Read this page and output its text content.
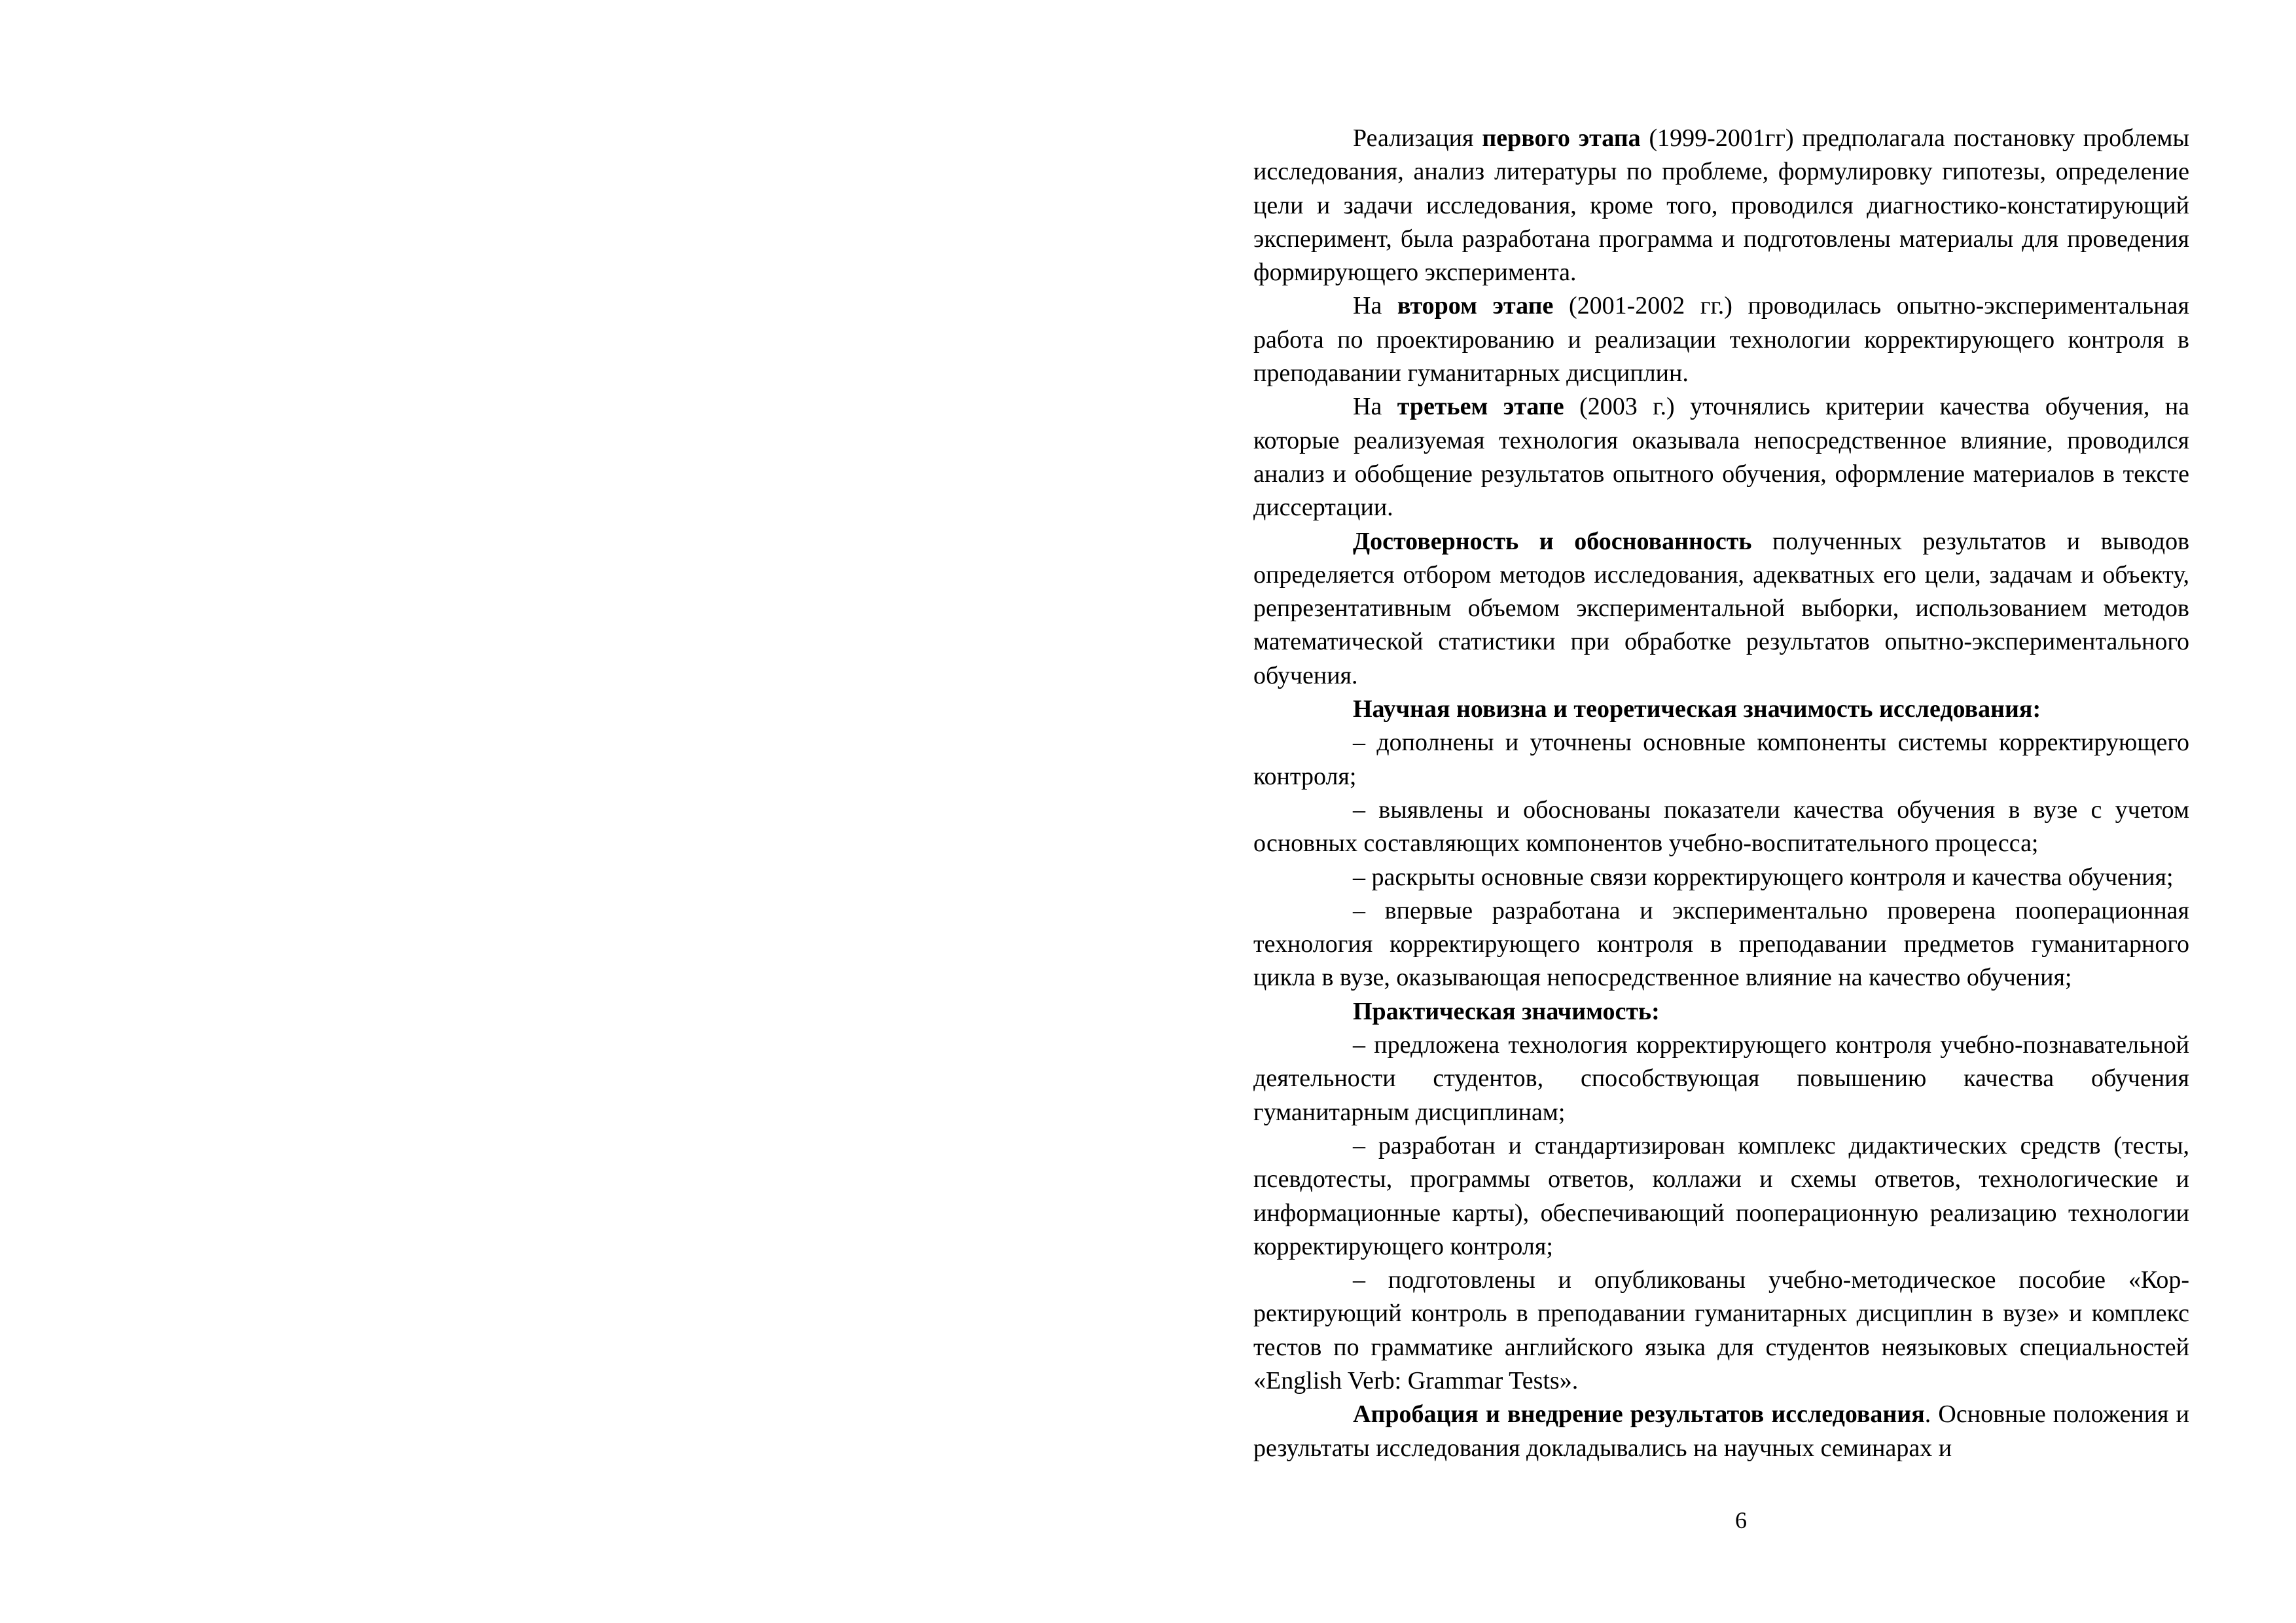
Реализация первого этапа (1999-2001гг) предполагала постановку проблемы исследования, анализ литературы по проблеме, формулировку гипотезы, определение цели и задачи исследования, кроме того, проводился диагностико-констатирующий эксперимент, была разработана программа и подготовлены материалы для проведения формирующего эксперимента.

На втором этапе (2001-2002 гг.) проводилась опытно-экспериментальная работа по проектированию и реализации технологии корректирующего контроля в преподавании гуманитарных дисциплин.

На третьем этапе (2003 г.) уточнялись критерии качества обучения, на которые реализуемая технология оказывала непосредственное влияние, проводился анализ и обобщение результатов опытного обучения, оформление материалов в тексте диссертации.

Достоверность и обоснованность полученных результатов и выводов определяется отбором методов исследования, адекватных его цели, задачам и объекту, репрезентативным объемом экспериментальной выборки, использованием методов математической статистики при обработке результатов опытно-экспериментального обучения.

Научная новизна и теоретическая значимость исследования:

– дополнены и уточнены основные компоненты системы корректирующего контроля;

– выявлены и обоснованы показатели качества обучения в вузе с учетом основных составляющих компонентов учебно-воспитательного процесса;

– раскрыты основные связи корректирующего контроля и качества обучения;

– впервые разработана и экспериментально проверена пооперационная технология корректирующего контроля в преподавании предметов гуманитарного цикла в вузе, оказывающая непосредственное влияние на качество обучения;

Практическая значимость:

– предложена технология корректирующего контроля учебно-познавательной деятельности студентов, способствующая повышению качества обучения гуманитарным дисциплинам;

– разработан и стандартизирован комплекс дидактических средств (тесты, псевдотесты, программы ответов, коллажи и схемы ответов, технологические и информационные карты), обеспечивающий пооперационную реализацию технологии корректирующего контроля;

– подготовлены и опубликованы учебно-методическое пособие «Корректирующий контроль в преподавании гуманитарных дисциплин в вузе» и комплекс тестов по грамматике английского языка для студентов неязыковых специальностей «English Verb: Grammar Tests».

Апробация и внедрение результатов исследования. Основные положения и результаты исследования докладывались на научных семинарах и

6
